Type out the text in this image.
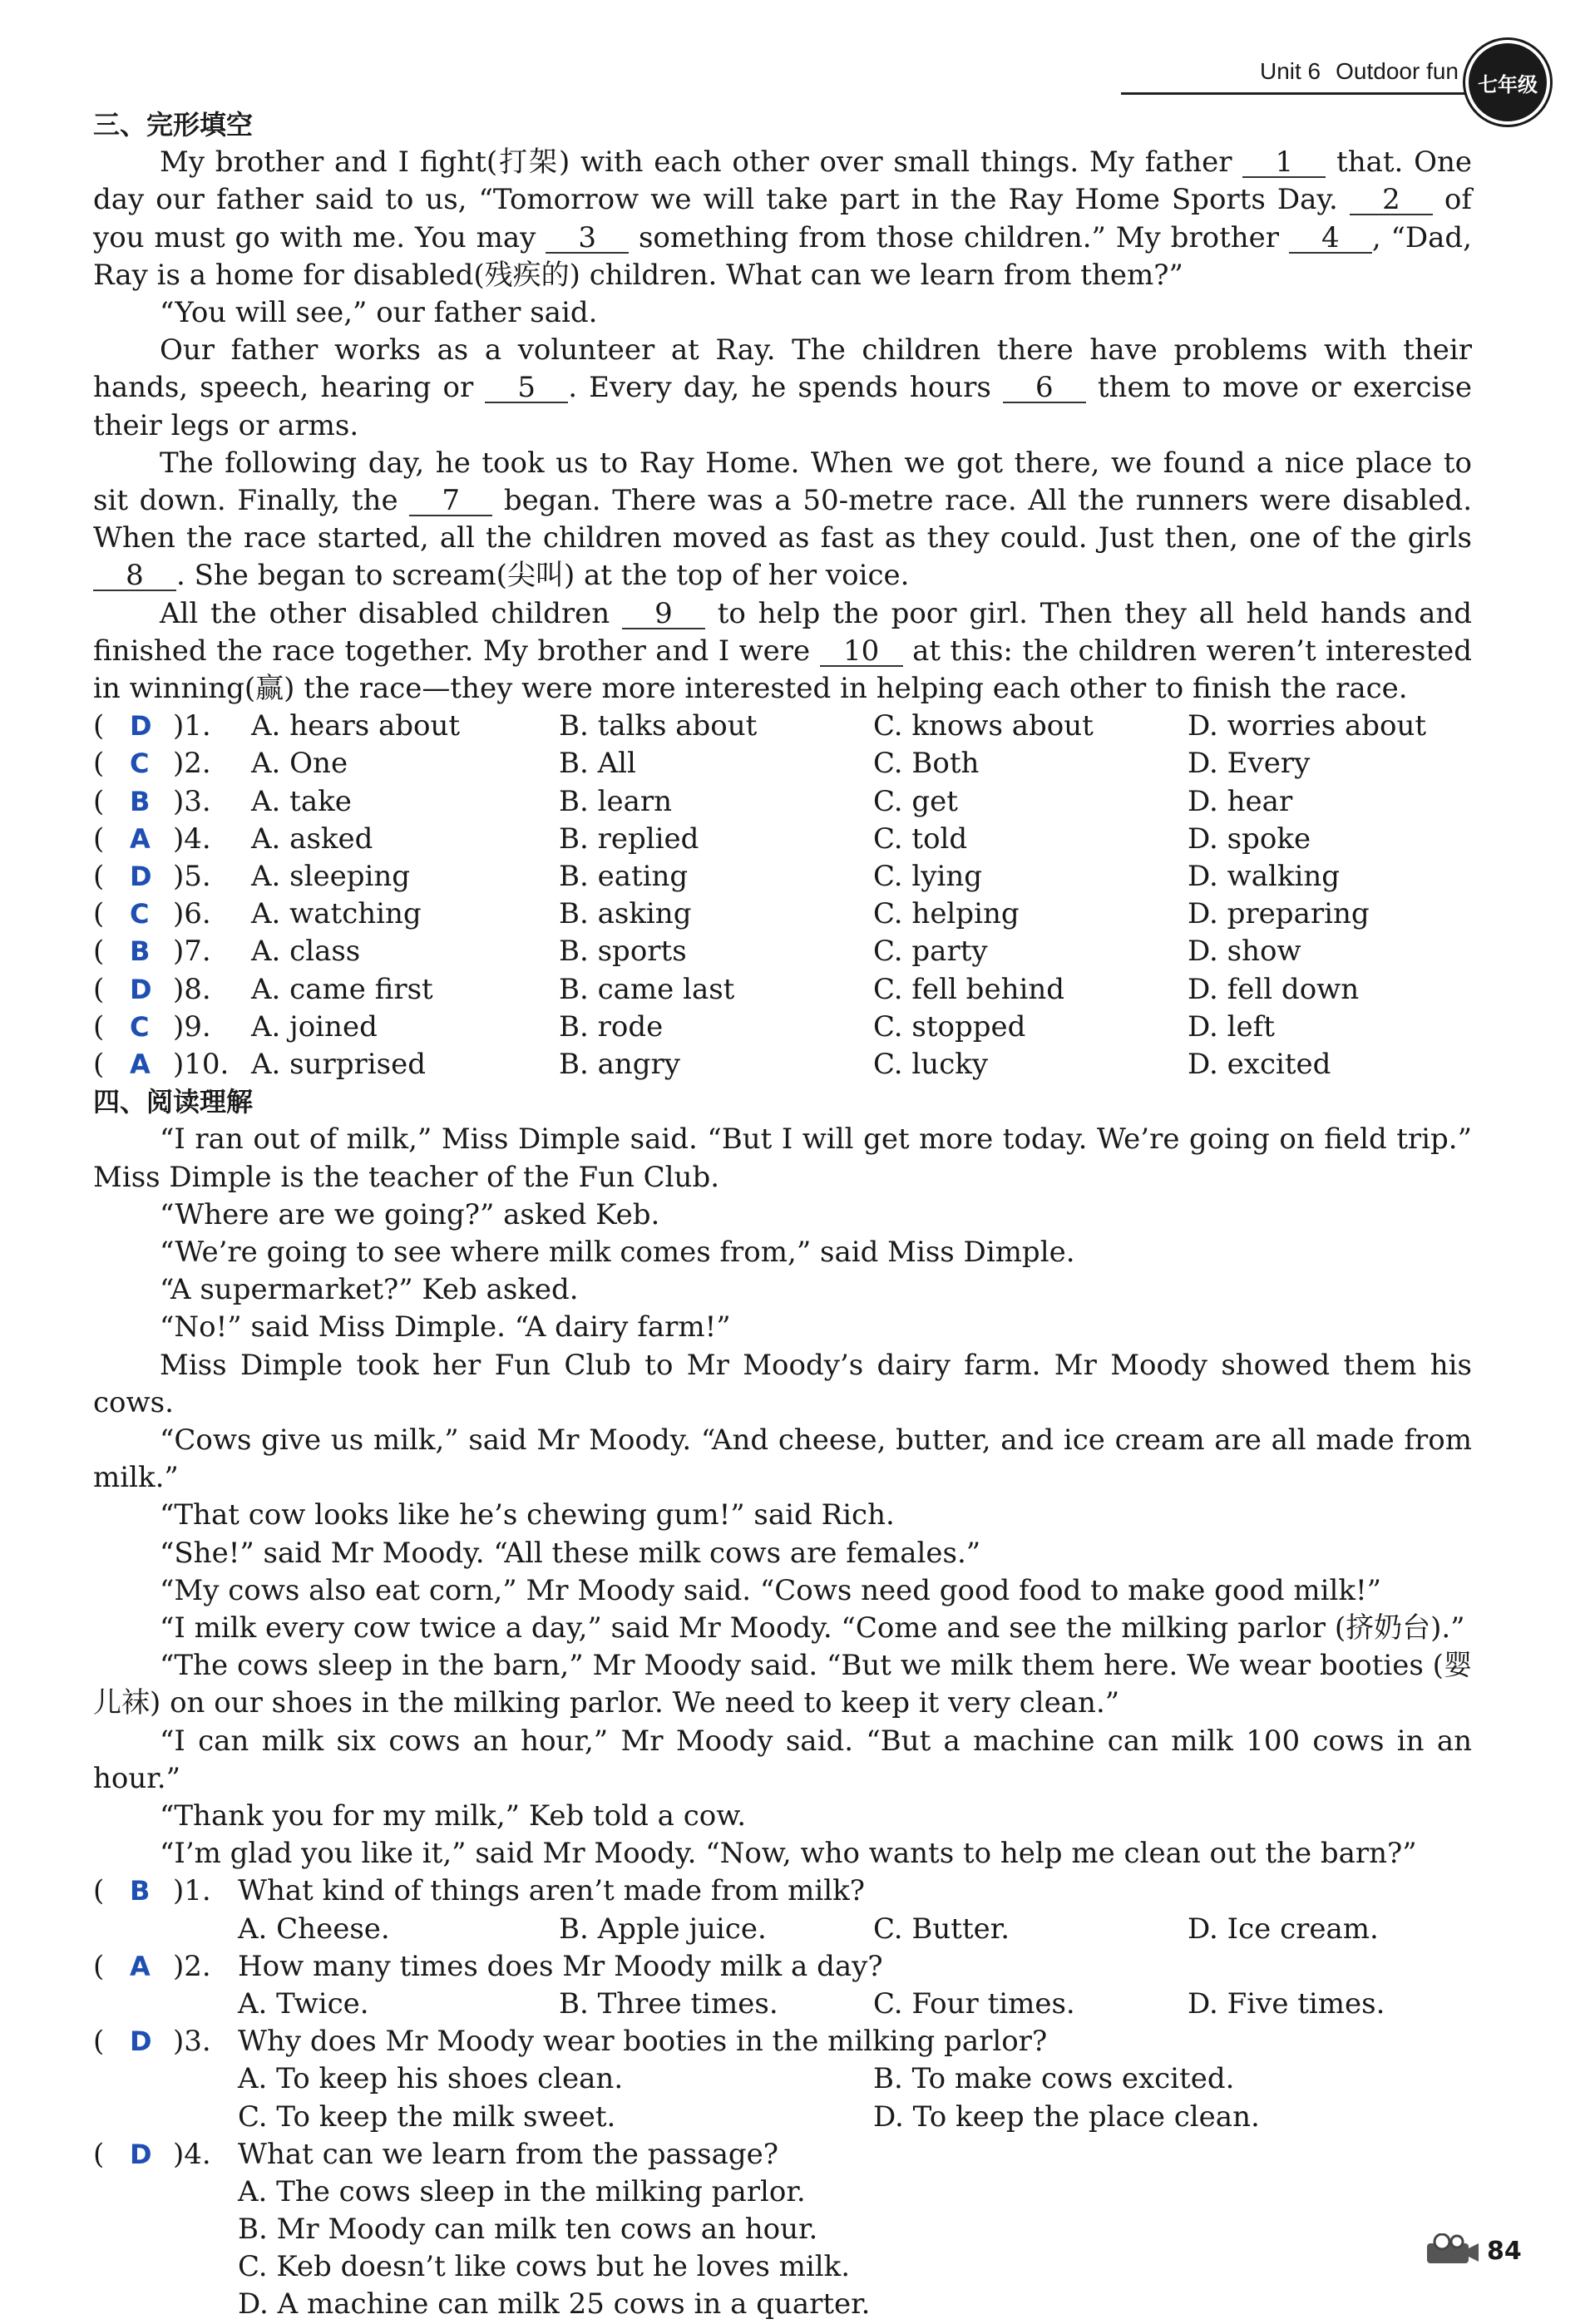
Unit 6 Outdoor fun
七年级
三、完形填空

My brother and I fight(打架) with each other over small things. My father 1 that. One day our father said to us, “Tomorrow we will take part in the Ray Home Sports Day. 2 of you must go with me. You may 3 something from those children.” My brother 4 , “Dad, Ray is a home for disabled(残疾的) children. What can we learn from them?”

“You will see,” our father said.

Our father works as a volunteer at Ray. The children there have problems with their hands, speech, hearing or 5 . Every day, he spends hours 6 them to move or exercise their legs or arms.

The following day, he took us to Ray Home. When we got there, we found a nice place to sit down. Finally, the 7 began. There was a 50-metre race. All the runners were disabled. When the race started, all the children moved as fast as they could. Just then, one of the girls 8 . She began to scream(尖叫) at the top of her voice.

All the other disabled children 9 to help the poor girl. Then they all held hands and finished the race together. My brother and I were 10 at this: the children weren’t interested in winning(赢) the race—they were more interested in helping each other to finish the race.

( D )1. A. hears about	B. talks about	C. knows about	D. worries about
( C )2. A. One	B. All	C. Both	D. Every
( B )3. A. take	B. learn	C. get	D. hear
( A )4. A. asked	B. replied	C. told	D. spoke
( D )5. A. sleeping	B. eating	C. lying	D. walking
( C )6. A. watching	B. asking	C. helping	D. preparing
( B )7. A. class	B. sports	C. party	D. show
( D )8. A. came first	B. came last	C. fell behind	D. fell down
( C )9. A. joined	B. rode	C. stopped	D. left
( A )10. A. surprised	B. angry	C. lucky	D. excited
四、阅读理解

“I ran out of milk,” Miss Dimple said. “But I will get more today. We’re going on field trip.” Miss Dimple is the teacher of the Fun Club.

“Where are we going?” asked Keb.

“We’re going to see where milk comes from,” said Miss Dimple.

“A supermarket?” Keb asked.

“No!” said Miss Dimple. “A dairy farm!”

Miss Dimple took her Fun Club to Mr Moody’s dairy farm. Mr Moody showed them his cows.

“Cows give us milk,” said Mr Moody. “And cheese, butter, and ice cream are all made from milk.”

“That cow looks like he’s chewing gum!” said Rich.

“She!” said Mr Moody. “All these milk cows are females.”

“My cows also eat corn,” Mr Moody said. “Cows need good food to make good milk!”

“I milk every cow twice a day,” said Mr Moody. “Come and see the milking parlor (挤奶台).”

“The cows sleep in the barn,” Mr Moody said. “But we milk them here. We wear booties (婴儿袜) on our shoes in the milking parlor. We need to keep it very clean.”

“I can milk six cows an hour,” Mr Moody said. “But a machine can milk 100 cows in an hour.”

“Thank you for my milk,” Keb told a cow.

“I’m glad you like it,” said Mr Moody. “Now, who wants to help me clean out the barn?”

( B )1. What kind of things aren’t made from milk?
A. Cheese.	B. Apple juice.	C. Butter.	D. Ice cream.
( A )2. How many times does Mr Moody milk a day?
A. Twice.	B. Three times.	C. Four times.	D. Five times.
( D )3. Why does Mr Moody wear booties in the milking parlor?
A. To keep his shoes clean.	B. To make cows excited.
C. To keep the milk sweet.	D. To keep the place clean.
( D )4. What can we learn from the passage?
A. The cows sleep in the milking parlor.
B. Mr Moody can milk ten cows an hour.
C. Keb doesn’t like cows but he loves milk.
D. A machine can milk 25 cows in a quarter.
84
